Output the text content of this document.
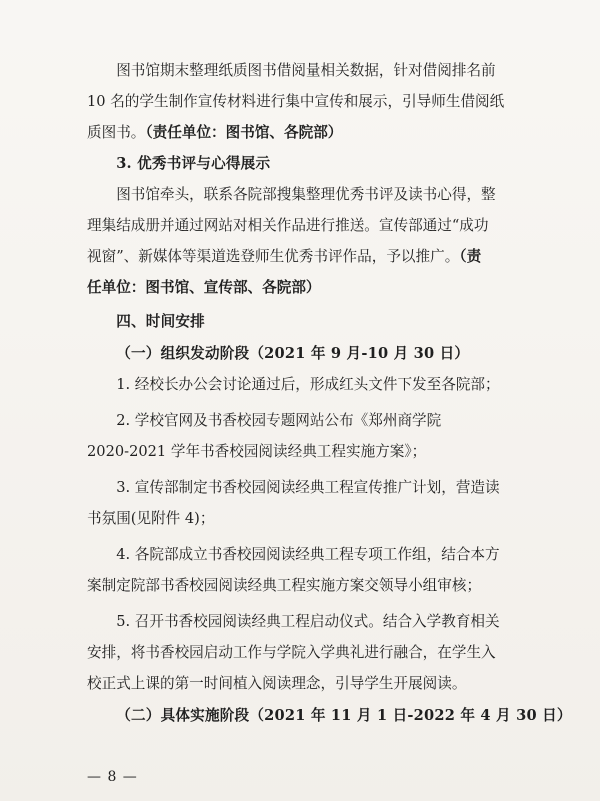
图书馆期末整理纸质图书借阅量相关数据，针对借阅排名前
10 名的学生制作宣传材料进行集中宣传和展示，引导师生借阅纸
质图书。（责任单位：图书馆、各院部）
3. 优秀书评与心得展示
图书馆牵头，联系各院部搜集整理优秀书评及读书心得，整
理集结成册并通过网站对相关作品进行推送。宣传部通过“成功
视窗”、新媒体等渠道选登师生优秀书评作品，予以推广。（责
任单位：图书馆、宣传部、各院部）
四、时间安排
（一）组织发动阶段（2021 年 9 月-10 月 30 日）
1. 经校长办公会讨论通过后，形成红头文件下发至各院部；
2. 学校官网及书香校园专题网站公布《郑州商学院
2020-2021 学年书香校园阅读经典工程实施方案》；
3. 宣传部制定书香校园阅读经典工程宣传推广计划，营造读
书氛围(见附件 4)；
4. 各院部成立书香校园阅读经典工程专项工作组，结合本方
案制定院部书香校园阅读经典工程实施方案交领导小组审核；
5. 召开书香校园阅读经典工程启动仪式。结合入学教育相关
安排，将书香校园启动工作与学院入学典礼进行融合，在学生入
校正式上课的第一时间植入阅读理念，引导学生开展阅读。
（二）具体实施阶段（2021 年 11 月 1 日-2022 年 4 月 30 日）
— 8 —
